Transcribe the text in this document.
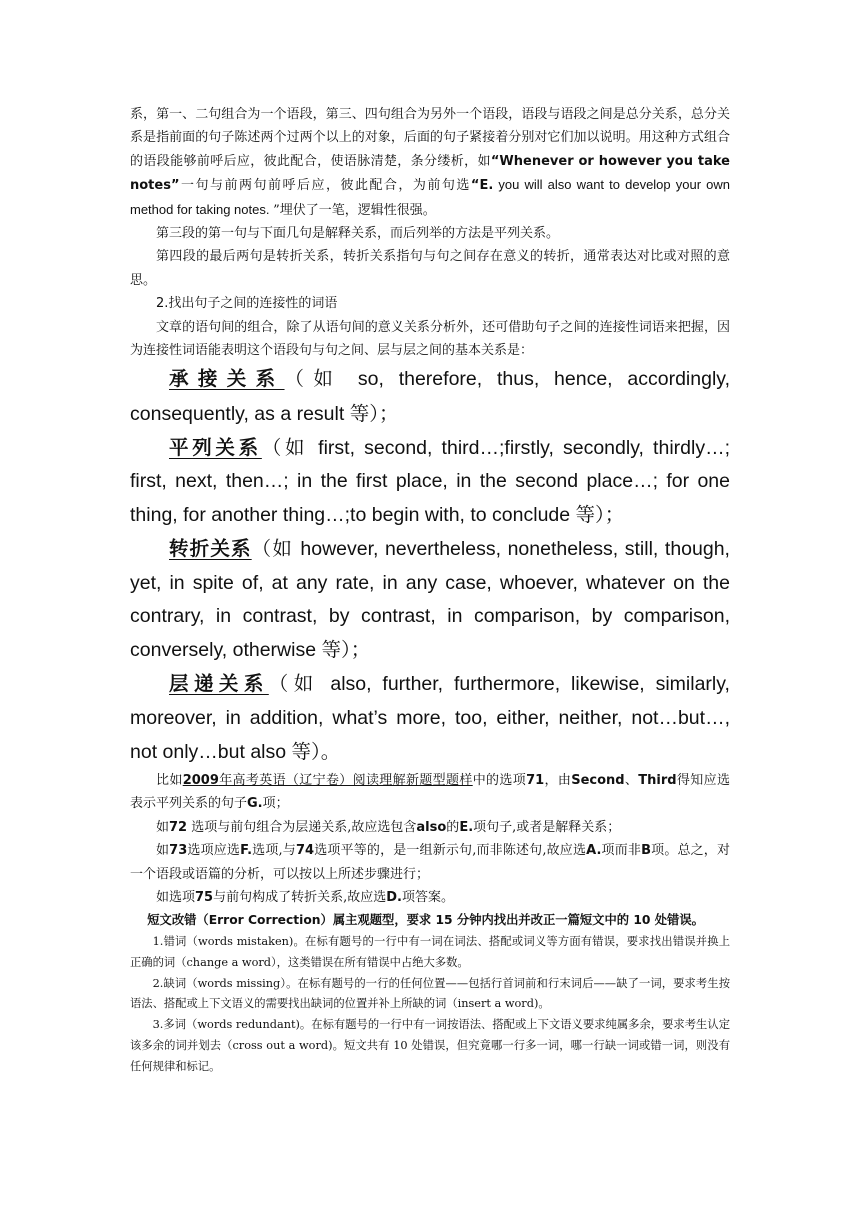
系，第一、二句组合为一个语段，第三、四句组合为另外一个语段，语段与语段之间是总分关系，总分关系是指前面的句子陈述两个过两个以上的对象，后面的句子紧接着分别对它们加以说明。用这种方式组合的语段能够前呼后应，彼此配合，使语脉清楚，条分缕析，如“Whenever or however you take notes”一句与前两句前呼后应，彼此配合，为前句选“E. you will also want to develop your own method for taking notes. ”埋伏了一笔，逻辑性很强。

第三段的第一句与下面几句是解释关系，而后列举的方法是平列关系。

第四段的最后两句是转折关系，转折关系指句与句之间存在意义的转折，通常表达对比或对照的意思。

2.找出句子之间的连接性的词语

文章的语句间的组合，除了从语句间的意义关系分析外，还可借助句子之间的连接性词语来把握，因为连接性词语能表明这个语段句与句之间、层与层之间的基本关系是：

承接关系（如 so, therefore, thus, hence, accordingly, consequently, as a result 等）；

平列关系（如 first, second, third…;firstly, secondly, thirdly…; first, next, then…; in the first place, in the second place…; for one thing, for another thing…;to begin with, to conclude 等）；

转折关系（如 however, nevertheless, nonetheless, still, though, yet, in spite of, at any rate, in any case, whoever, whatever on the contrary, in contrast, by contrast, in comparison, by comparison, conversely, otherwise 等）；

层递关系（如 also, further, furthermore, likewise, similarly, moreover, in addition, what’s more, too, either, neither, not…but…, not only…but also 等）。

比如2009年高考英语（辽宁卷）阅读理解新题型题样中的选项71，由Second、Third得知应选表示平列关系的句子G.项；

如72 选项与前句组合为层递关系,故应选包含also的E.项句子,或者是解释关系；

如73选项应选F.选项,与74选项平等的，是一组新示句,而非陈述句,故应选A.项而非B项。总之，对一个语段或语篇的分析，可以按以上所述步骤进行；

如选项75与前句构成了转折关系,故应选D.项答案。

短文改错（Error Correction）属主观题型，要求 15 分钟内找出并改正一篇短文中的 10 处错误。

1.错词（words mistaken)。在标有题号的一行中有一词在词法、搭配或词义等方面有错误，要求找出错误并换上正确的词（change a word），这类错误在所有错误中占绝大多数。

2.缺词（words missing）。在标有题号的一行的任何位置——包括行首词前和行末词后——缺了一词，要求考生按语法、搭配或上下文语义的需要找出缺词的位置并补上所缺的词（insert a word)。

3.多词（words redundant)。在标有题号的一行中有一词按语法、搭配或上下文语义要求纯属多余，要求考生认定该多余的词并划去（cross out a word)。短文共有 10 处错误，但究竟哪一行多一词，哪一行缺一词或错一词，则没有任何规律和标记。
